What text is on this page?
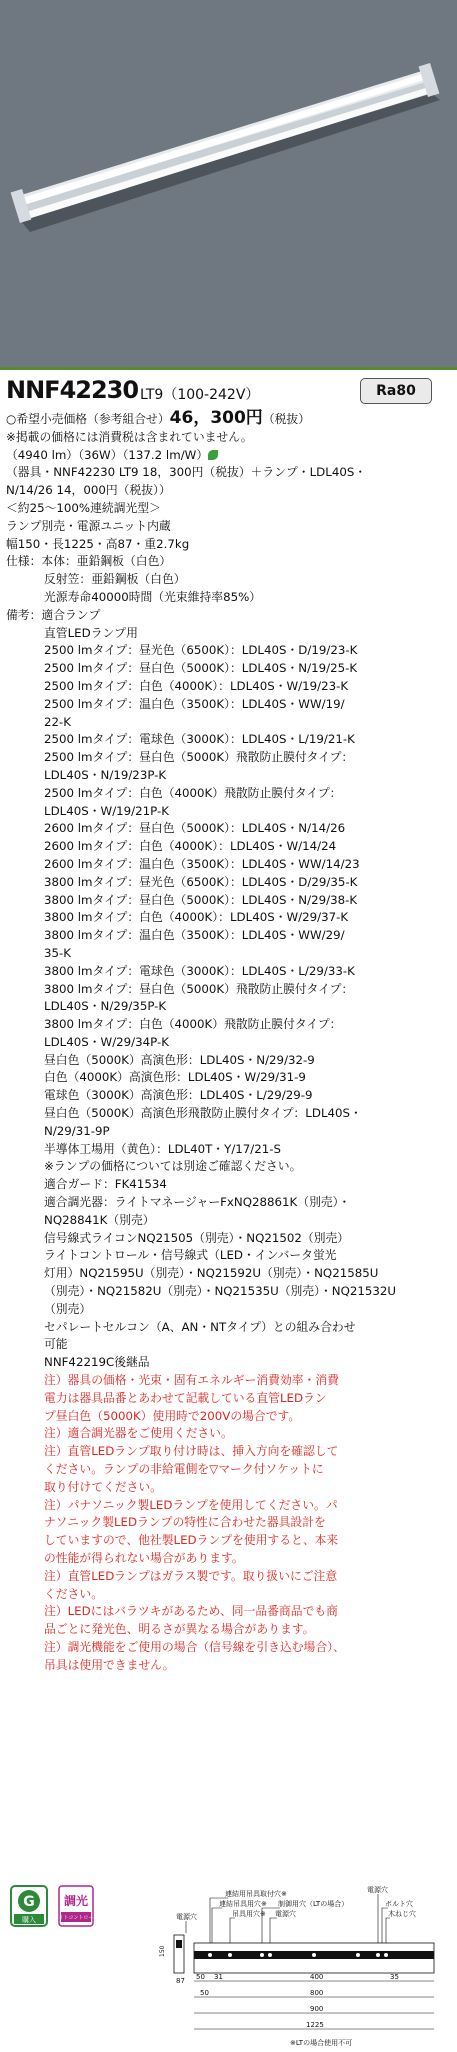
NNF42230 LT9（100-242V）	Ra80
○希望小売価格（参考組合せ）46，300円（税抜）
※掲載の価格には消費税は含まれていません。
（4940 lm）（36W）（137.2 lm/W）
（器具・NNF42230 LT9 18，300円（税抜）＋ランプ・LDL40S・
N/14/26 14，000円（税抜））
＜約25～100%連続調光型＞
ランプ別売・電源ユニット内蔵
幅150・長1225・高87・重2.7kg
仕様：本体：亜鉛鋼板（白色）
反射笠：亜鉛鋼板（白色）
光源寿命40000時間（光束維持率85%）
備考：適合ランプ
直管LEDランプ用
2500 lmタイプ：昼光色（6500K）：LDL40S・D/19/23-K
2500 lmタイプ：昼白色（5000K）：LDL40S・N/19/25-K
2500 lmタイプ：白色（4000K）：LDL40S・W/19/23-K
2500 lmタイプ：温白色（3500K）：LDL40S・WW/19/
22-K
2500 lmタイプ：電球色（3000K）：LDL40S・L/19/21-K
2500 lmタイプ：昼白色（5000K）飛散防止膜付タイプ：
LDL40S・N/19/23P-K
2500 lmタイプ：白色（4000K）飛散防止膜付タイプ：
LDL40S・W/19/21P-K
2600 lmタイプ：昼白色（5000K）：LDL40S・N/14/26
2600 lmタイプ：白色（4000K）：LDL40S・W/14/24
2600 lmタイプ：温白色（3500K）：LDL40S・WW/14/23
3800 lmタイプ：昼光色（6500K）：LDL40S・D/29/35-K
3800 lmタイプ：昼白色（5000K）：LDL40S・N/29/38-K
3800 lmタイプ：白色（4000K）：LDL40S・W/29/37-K
3800 lmタイプ：温白色（3500K）：LDL40S・WW/29/
35-K
3800 lmタイプ：電球色（3000K）：LDL40S・L/29/33-K
3800 lmタイプ：昼白色（5000K）飛散防止膜付タイプ：
LDL40S・N/29/35P-K
3800 lmタイプ：白色（4000K）飛散防止膜付タイプ：
LDL40S・W/29/34P-K
昼白色（5000K）高演色形：LDL40S・N/29/32-9
白色（4000K）高演色形：LDL40S・W/29/31-9
電球色（3000K）高演色形：LDL40S・L/29/29-9
昼白色（5000K）高演色形飛散防止膜付タイプ：LDL40S・
N/29/31-9P
半導体工場用（黄色）：LDL40T・Y/17/21-S
※ランプの価格については別途ご確認ください。
適合ガード：FK41534
適合調光器：ライトマネージャーFxNQ28861K（別売）・
NQ28841K（別売）
信号線式ライコンNQ21505（別売）・NQ21502（別売）
ライトコントロール・信号線式（LED・インバータ蛍光
灯用）NQ21595U（別売）・NQ21592U（別売）・NQ21585U
（別売）・NQ21582U（別売）・NQ21535U（別売）・NQ21532U
（別売）
セパレートセルコン（A、AN・NTタイプ）との組み合わせ
可能
NNF42219C後継品
注）器具の価格・光束・固有エネルギー消費効率・消費
電力は器具品番とあわせて記載している直管LEDラン
プ昼白色（5000K）使用時で200Vの場合です。
注）適合調光器をご使用ください。
注）直管LEDランプ取り付け時は、挿入方向を確認して
ください。ランプの非給電側を▽マーク付ソケットに
取り付けてください。
注）パナソニック製LEDランプを使用してください。パ
ナソニック製LEDランプの特性に合わせた器具設計を
していますので、他社製LEDランプを使用すると、本来
の性能が得られない場合があります。
注）直管LEDランプはガラス製です。取り扱いにご注意
ください。
注）LEDにはバラツキがあるため、同一品番商品でも商
品ごとに発光色、明るさが異なる場合があります。
注）調光機能をご使用の場合（信号線を引き込む場合）、
吊具は使用できません。
G
購入
調光
ライトコントロール
連結用吊具取付穴※
連結吊具用穴※ 制御用穴（LTの場合）
吊具用穴※ 電源穴
電源穴
ボルト穴
木ねじ穴
電源穴
150
50 31
87
50
400
800
900
1225
35
※LTの場合使用不可
